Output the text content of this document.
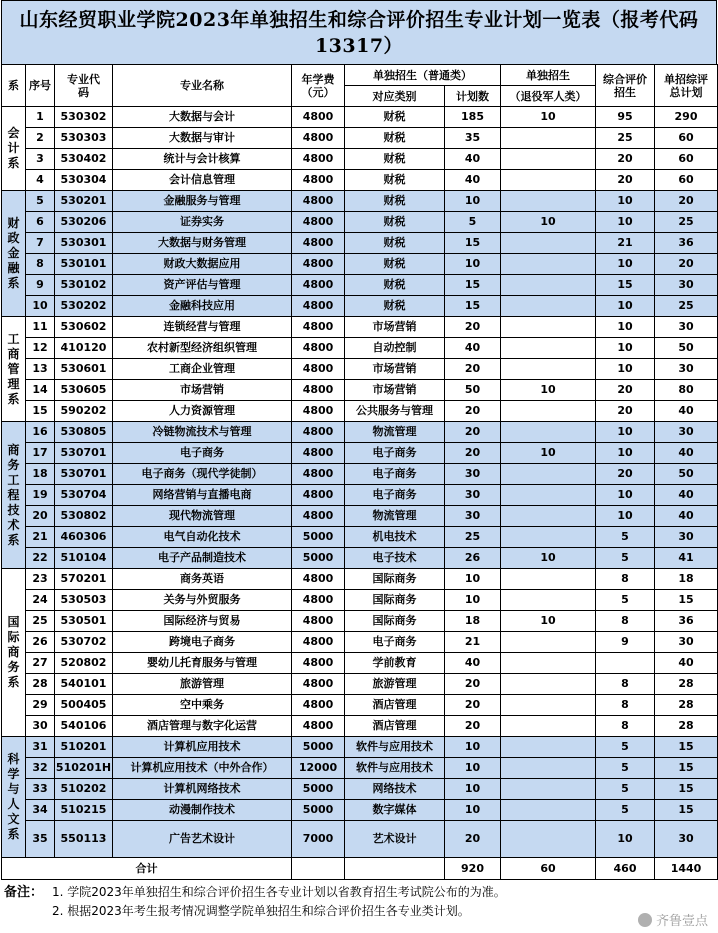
山东经贸职业学院2023年单独招生和综合评价招生专业计划一览表（报考代码13317）
系	序号	专业代码	专业名称	年学费（元）	单独招生（普通类）		单独招生	综合评价招生	单招综评总计划
					对应类别	计划数	（退役军人类）		

会计系	1	530302	大数据与会计	4800	财税	185	10	95	290
	2	530303	大数据与审计	4800	财税	35		25	60
	3	530402	统计与会计核算	4800	财税	40		20	60
	4	530304	会计信息管理	4800	财税	40		20	60

财政金融系	5	530201	金融服务与管理	4800	财税	10		10	20
	6	530206	证券实务	4800	财税	5	10	10	25
	7	530301	大数据与财务管理	4800	财税	15		21	36
	8	530101	财政大数据应用	4800	财税	10		10	20
	9	530102	资产评估与管理	4800	财税	15		15	30
	10	530202	金融科技应用	4800	财税	15		10	25

工商管理系	11	530602	连锁经营与管理	4800	市场营销	20		10	30
	12	410120	农村新型经济组织管理	4800	自动控制	40		10	50
	13	530601	工商企业管理	4800	市场营销	20		10	30
	14	530605	市场营销	4800	市场营销	50	10	20	80
	15	590202	人力资源管理	4800	公共服务与管理	20		20	40

商务工程技术系	16	530805	冷链物流技术与管理	4800	物流管理	20		10	30
	17	530701	电子商务	4800	电子商务	20	10	10	40
	18	530701	电子商务（现代学徒制）	4800	电子商务	30		20	50
	19	530704	网络营销与直播电商	4800	电子商务	30		10	40
	20	530802	现代物流管理	4800	物流管理	30		10	40
	21	460306	电气自动化技术	5000	机电技术	25		5	30
	22	510104	电子产品制造技术	5000	电子技术	26	10	5	41

国际商务系	23	570201	商务英语	4800	国际商务	10		8	18
	24	530503	关务与外贸服务	4800	国际商务	10		5	15
	25	530501	国际经济与贸易	4800	国际商务	18	10	8	36
	26	530702	跨境电子商务	4800	电子商务	21		9	30
	27	520802	婴幼儿托育服务与管理	4800	学前教育	40			40
	28	540101	旅游管理	4800	旅游管理	20		8	28
	29	500405	空中乘务	4800	酒店管理	20		8	28
	30	540106	酒店管理与数字化运营	4800	酒店管理	20		8	28

科学与人文系	31	510201	计算机应用技术	5000	软件与应用技术	10		5	15
	32	510201H	计算机应用技术（中外合作）	12000	软件与应用技术	10		5	15
	33	510202	计算机网络技术	5000	网络技术	10		5	15
	34	510215	动漫制作技术	5000	数字媒体	10		5	15
	35	550113	广告艺术设计	7000	艺术设计	20		10	30
合计						920	60	460	1440
备注： 1. 学院2023年单独招生和综合评价招生各专业计划以省教育招生考试院公布的为准。
2. 根据2023年考生报考情况调整学院单独招生和综合评价招生各专业类计划。
齐鲁壹点
